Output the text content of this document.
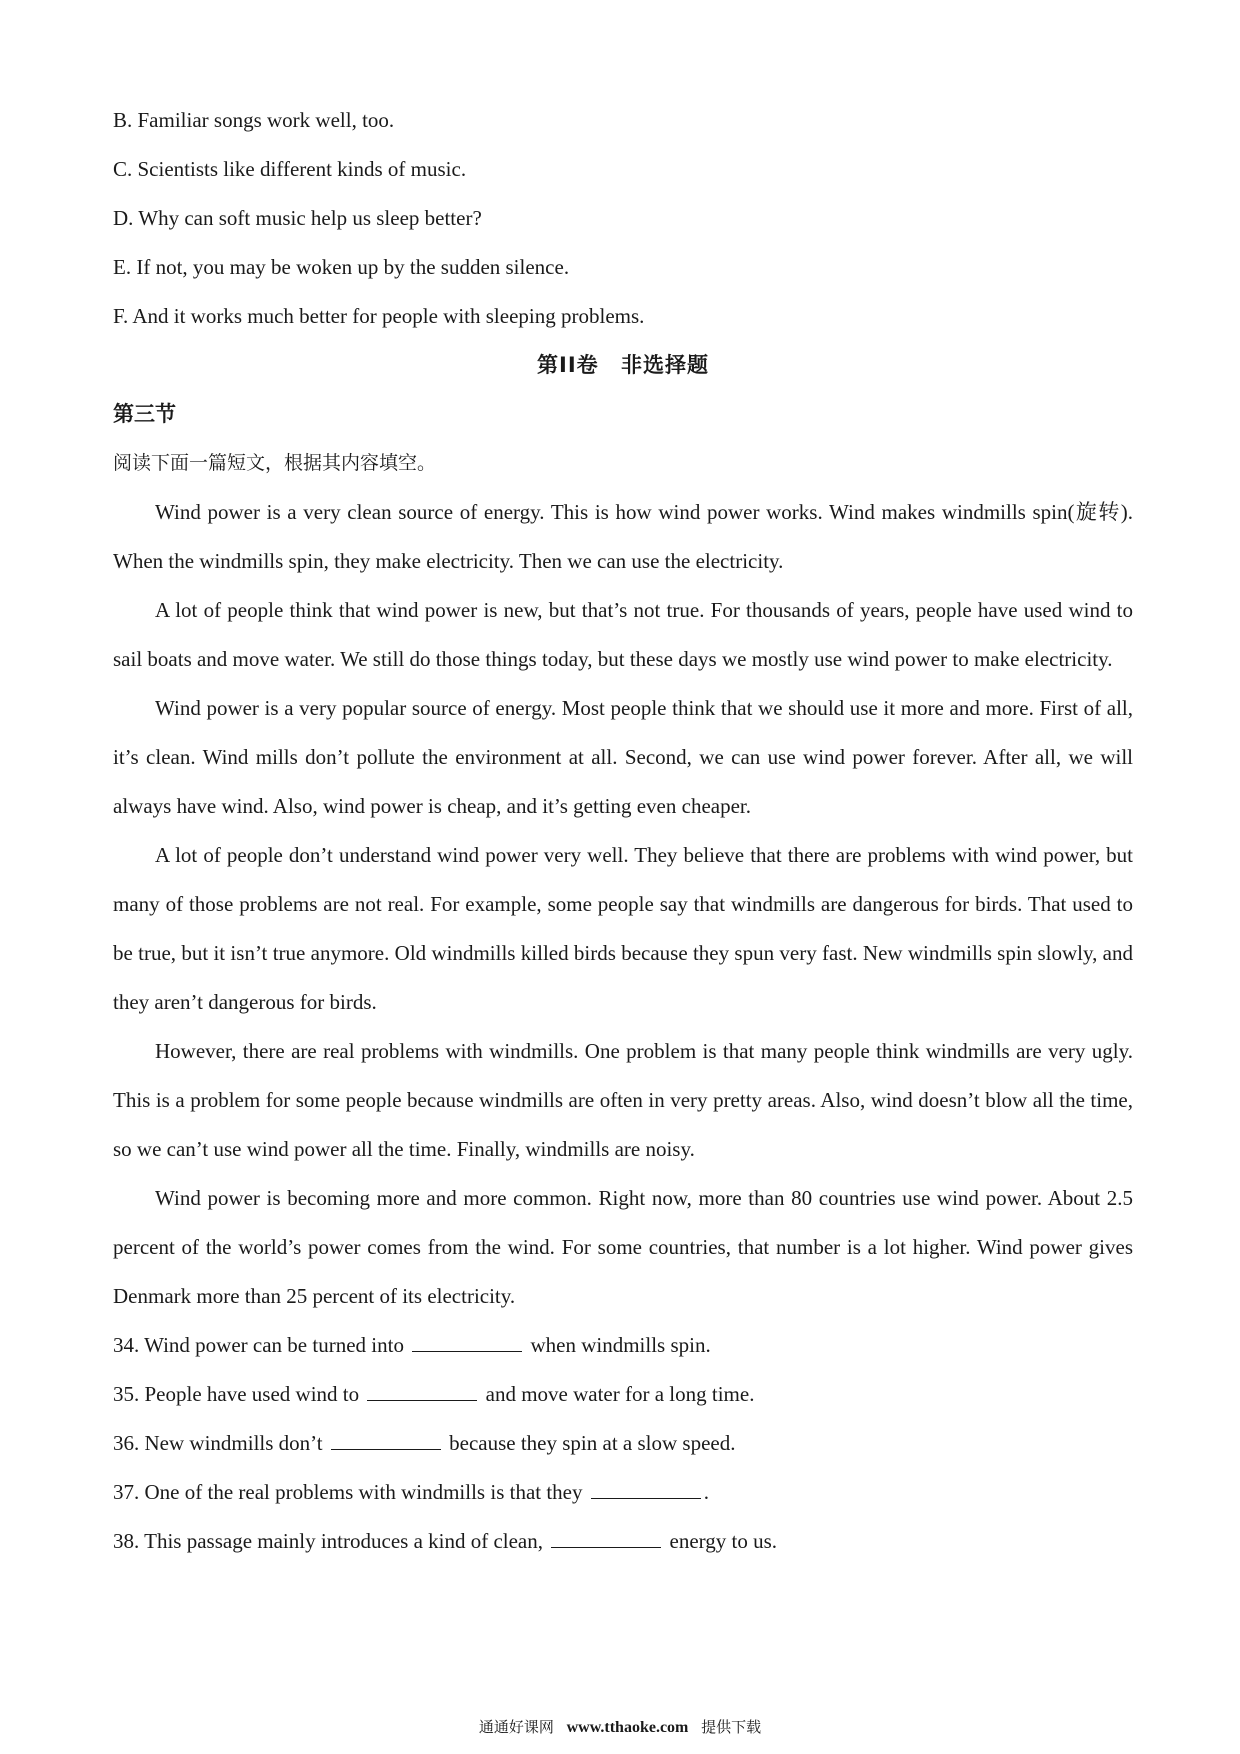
B. Familiar songs work well, too.
C. Scientists like different kinds of music.
D. Why can soft music help us sleep better?
E. If not, you may be woken up by the sudden silence.
F. And it works much better for people with sleeping problems.
第II卷 非选择题
第三节
阅读下面一篇短文，根据其内容填空。

Wind power is a very clean source of energy. This is how wind power works. Wind makes windmills spin(旋转). When the windmills spin, they make electricity. Then we can use the electricity.

A lot of people think that wind power is new, but that’s not true. For thousands of years, people have used wind to sail boats and move water. We still do those things today, but these days we mostly use wind power to make electricity.

Wind power is a very popular source of energy. Most people think that we should use it more and more. First of all, it’s clean. Wind mills don’t pollute the environment at all. Second, we can use wind power forever. After all, we will always have wind. Also, wind power is cheap, and it’s getting even cheaper.

A lot of people don’t understand wind power very well. They believe that there are problems with wind power, but many of those problems are not real. For example, some people say that windmills are dangerous for birds. That used to be true, but it isn’t true anymore. Old windmills killed birds because they spun very fast. New windmills spin slowly, and they aren’t dangerous for birds.

However, there are real problems with windmills. One problem is that many people think windmills are very ugly. This is a problem for some people because windmills are often in very pretty areas. Also, wind doesn’t blow all the time, so we can’t use wind power all the time. Finally, windmills are noisy.

Wind power is becoming more and more common. Right now, more than 80 countries use wind power. About 2.5 percent of the world’s power comes from the wind. For some countries, that number is a lot higher. Wind power gives Denmark more than 25 percent of its electricity.

34. Wind power can be turned into	when windmills spin.
35. People have used wind to	and move water for a long time.
36. New windmills don’t	because they spin at a slow speed.
37. One of the real problems with windmills is that they	.
38. This passage mainly introduces a kind of clean,	energy to us.
通通好课网 www.tthaoke.com 提供下载
